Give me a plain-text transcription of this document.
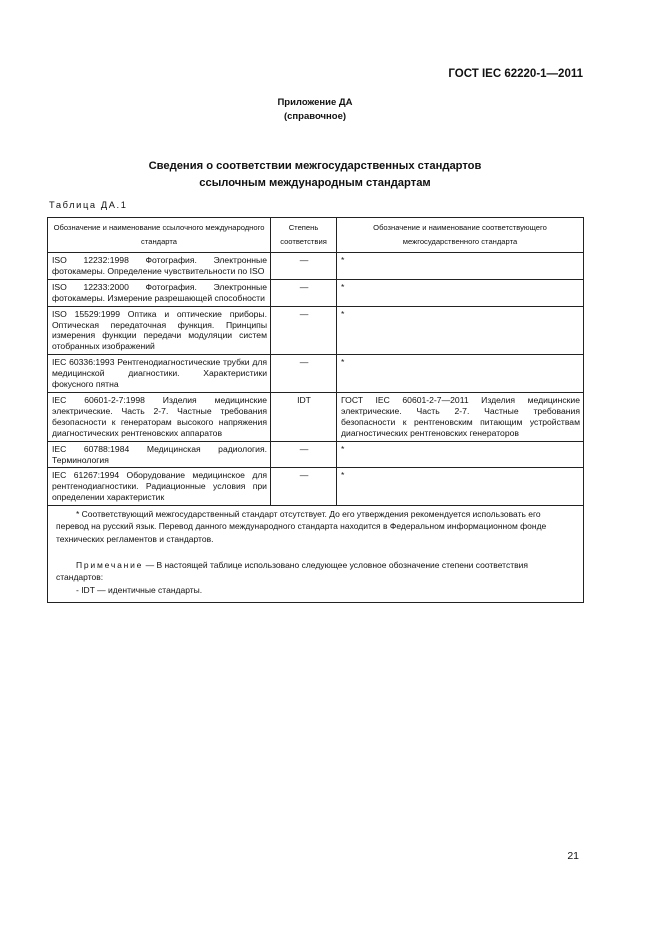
ГОСТ IEC 62220-1—2011
Приложение ДА
(справочное)
Сведения о соответствии межгосударственных стандартов
ссылочным международным стандартам
Таблица ДА.1
Обозначение и наименование ссылочного международного стандарта	Степень соответствия	Обозначение и наименование соответствующего межгосударственного стандарта
ISO 12232:1998 Фотография. Электронные фотокамеры. Определение чувствительности по ISO	—	*
ISO 12233:2000 Фотография. Электронные фотокамеры. Измерение разрешающей способности	—	*
ISO 15529:1999 Оптика и оптические приборы. Оптическая передаточная функция. Принципы измерения функции передачи модуляции систем отобранных изображений	—	*
IEC 60336:1993 Рентгенодиагностические трубки для медицинской диагностики. Характеристики фокусного пятна	—	*
IEC 60601-2-7:1998 Изделия медицинские электрические. Часть 2-7. Частные требования безопасности к генераторам высокого напряжения диагностических рентгеновских аппаратов	IDT	ГОСТ IEC 60601-2-7—2011 Изделия медицинские электрические. Часть 2-7. Частные требования безопасности к рентгеновским питающим устройствам диагностических рентгеновских генераторов
IEC 60788:1984 Медицинская радиология. Терминология	—	*
IEC 61267:1994 Оборудование медицинское для рентгенодиагностики. Радиационные условия при определении характеристик	—	*

* Соответствующий межгосударственный стандарт отсутствует. До его утверждения рекомендуется использовать его перевод на русский язык. Перевод данного международного стандарта находится в Федеральном информационном фонде технических регламентов и стандартов.

Примечание — В настоящей таблице использовано следующее условное обозначение степени соответствия стандартов:

- IDT — идентичные стандарты.		

21
